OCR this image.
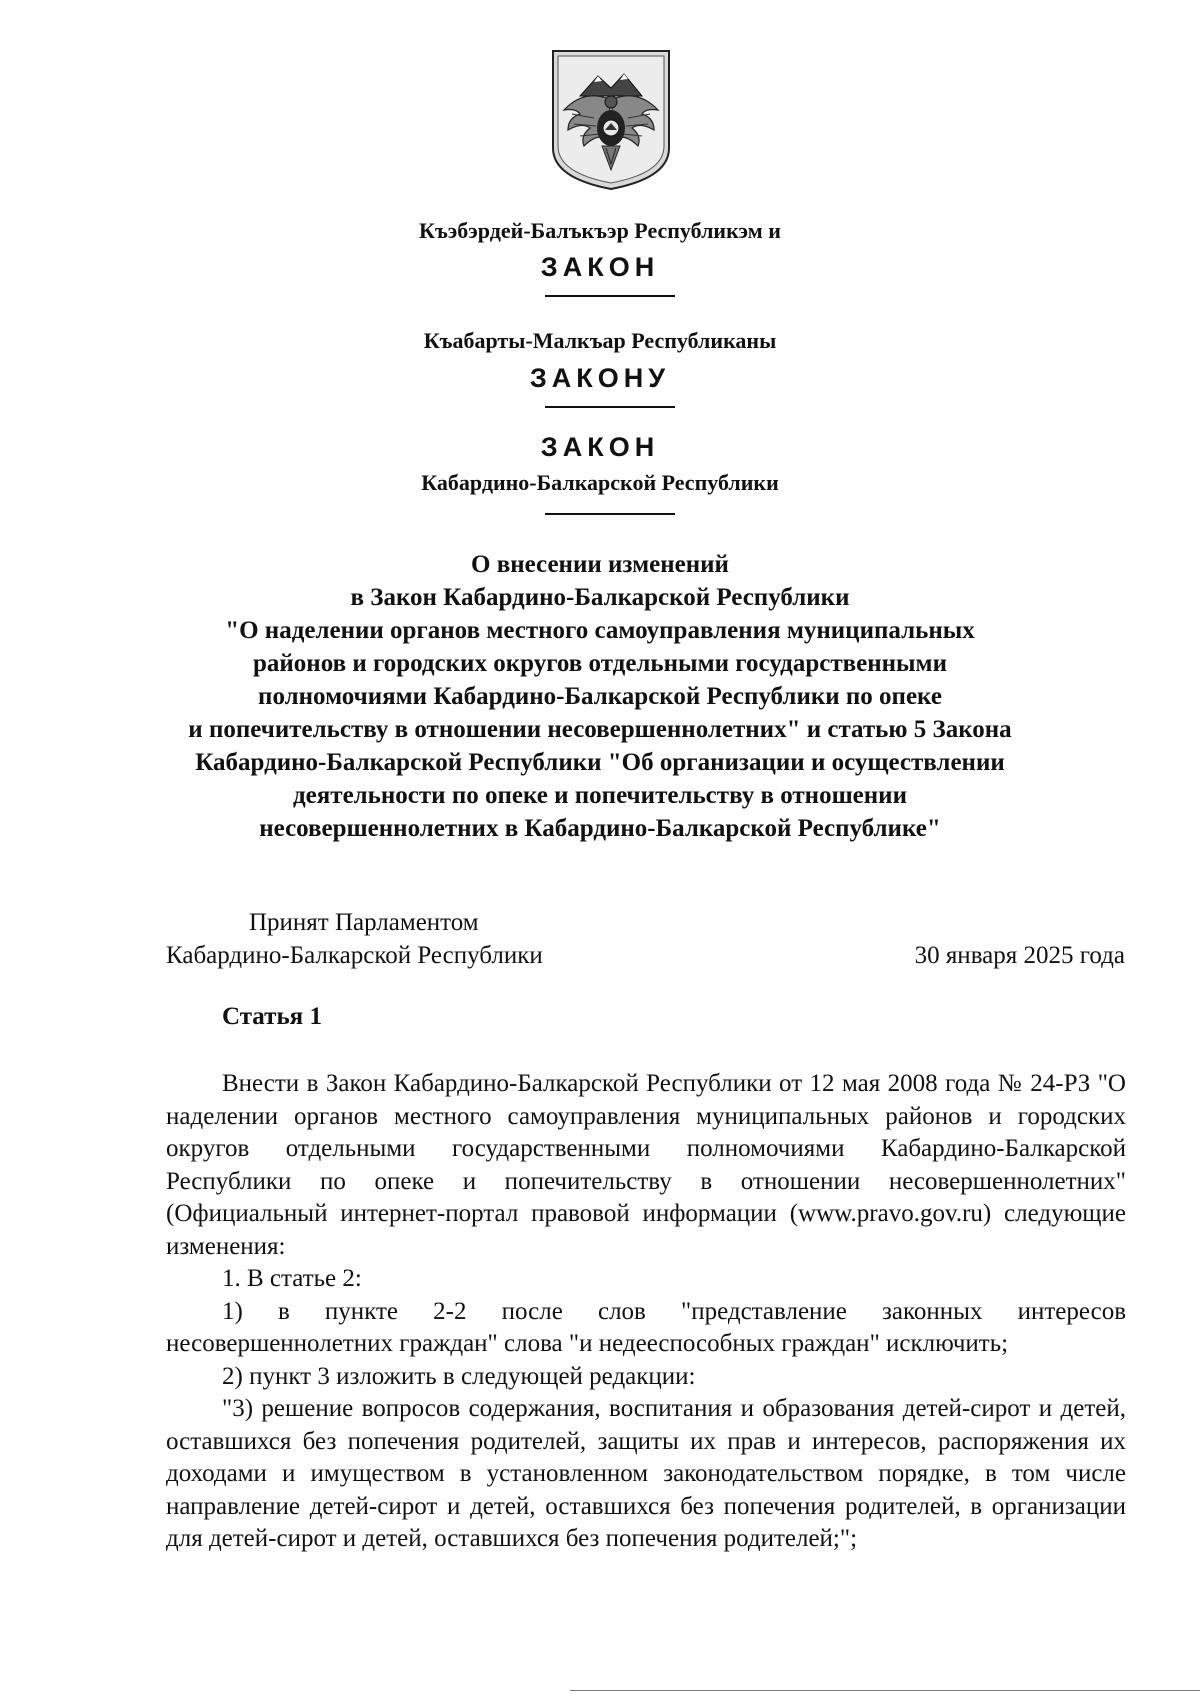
Къэбэрдей-Балъкъэр Республикэм и
ЗАКОН
Къабарты-Малкъар Республиканы
ЗАКОНУ
ЗАКОН
Кабардино-Балкарской Республики
О внесении изменений
в Закон Кабардино-Балкарской Республики
"О наделении органов местного самоуправления муниципальных
районов и городских округов отдельными государственными
полномочиями Кабардино-Балкарской Республики по опеке
и попечительству в отношении несовершеннолетних" и статью 5 Закона
Кабардино-Балкарской Республики "Об организации и осуществлении
деятельности по опеке и попечительству в отношении
несовершеннолетних в Кабардино-Балкарской Республике"
Принят Парламентом
Кабардино-Балкарской Республики	30 января 2025 года
Статья 1

Внести в Закон Кабардино-Балкарской Республики от 12 мая 2008 года № 24-РЗ "О наделении органов местного самоуправления муниципальных районов и городских округов отдельными государственными полномочиями Кабардино-Балкарской Республики по опеке и попечительству в отношении несовершеннолетних" (Официальный интернет-портал правовой информации (www.pravo.gov.ru) следующие изменения:

1. В статье 2:

1) в пункте 2-2 после слов "представление законных интересов несовершеннолетних граждан" слова "и недееспособных граждан" исключить;

2) пункт 3 изложить в следующей редакции:

"3) решение вопросов содержания, воспитания и образования детей-сирот и детей, оставшихся без попечения родителей, защиты их прав и интересов, распоряжения их доходами и имуществом в установленном законодательством порядке, в том числе направление детей-сирот и детей, оставшихся без попечения родителей, в организации для детей-сирот и детей, оставшихся без попечения родителей;";
